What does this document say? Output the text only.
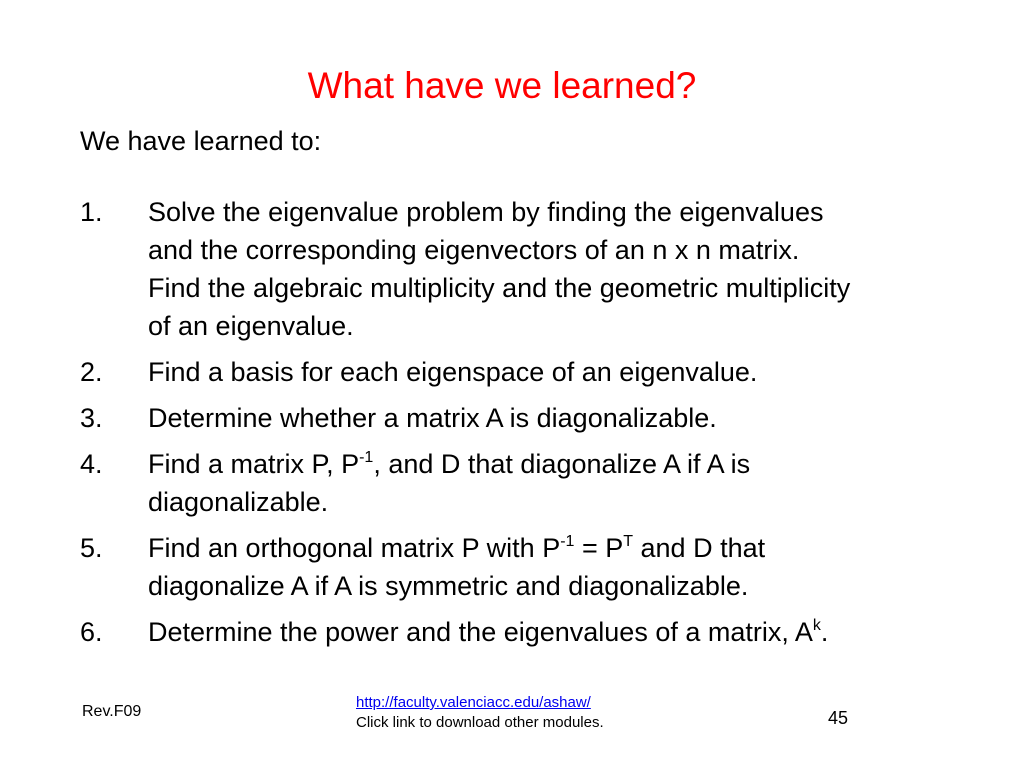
What have we learned?
We have learned to:
1. Solve the eigenvalue problem by finding the eigenvalues
and the corresponding eigenvectors of an n x n matrix.
Find the algebraic multiplicity and the geometric multiplicity
of an eigenvalue.
2. Find a basis for each eigenspace of an eigenvalue.
3. Determine whether a matrix A is diagonalizable.
4. Find a matrix P, $P^{-1}$, and D that diagonalize A if A is
diagonalizable.
5. Find an orthogonal matrix P with $P^{-1} = P^T$ and D that
diagonalize A if A is symmetric and diagonalizable.
6. Determine the power and the eigenvalues of a matrix, $A^k$.
Rev.F09
http://faculty.valenciacc.edu/ashaw/
Click link to download other modules.	45
